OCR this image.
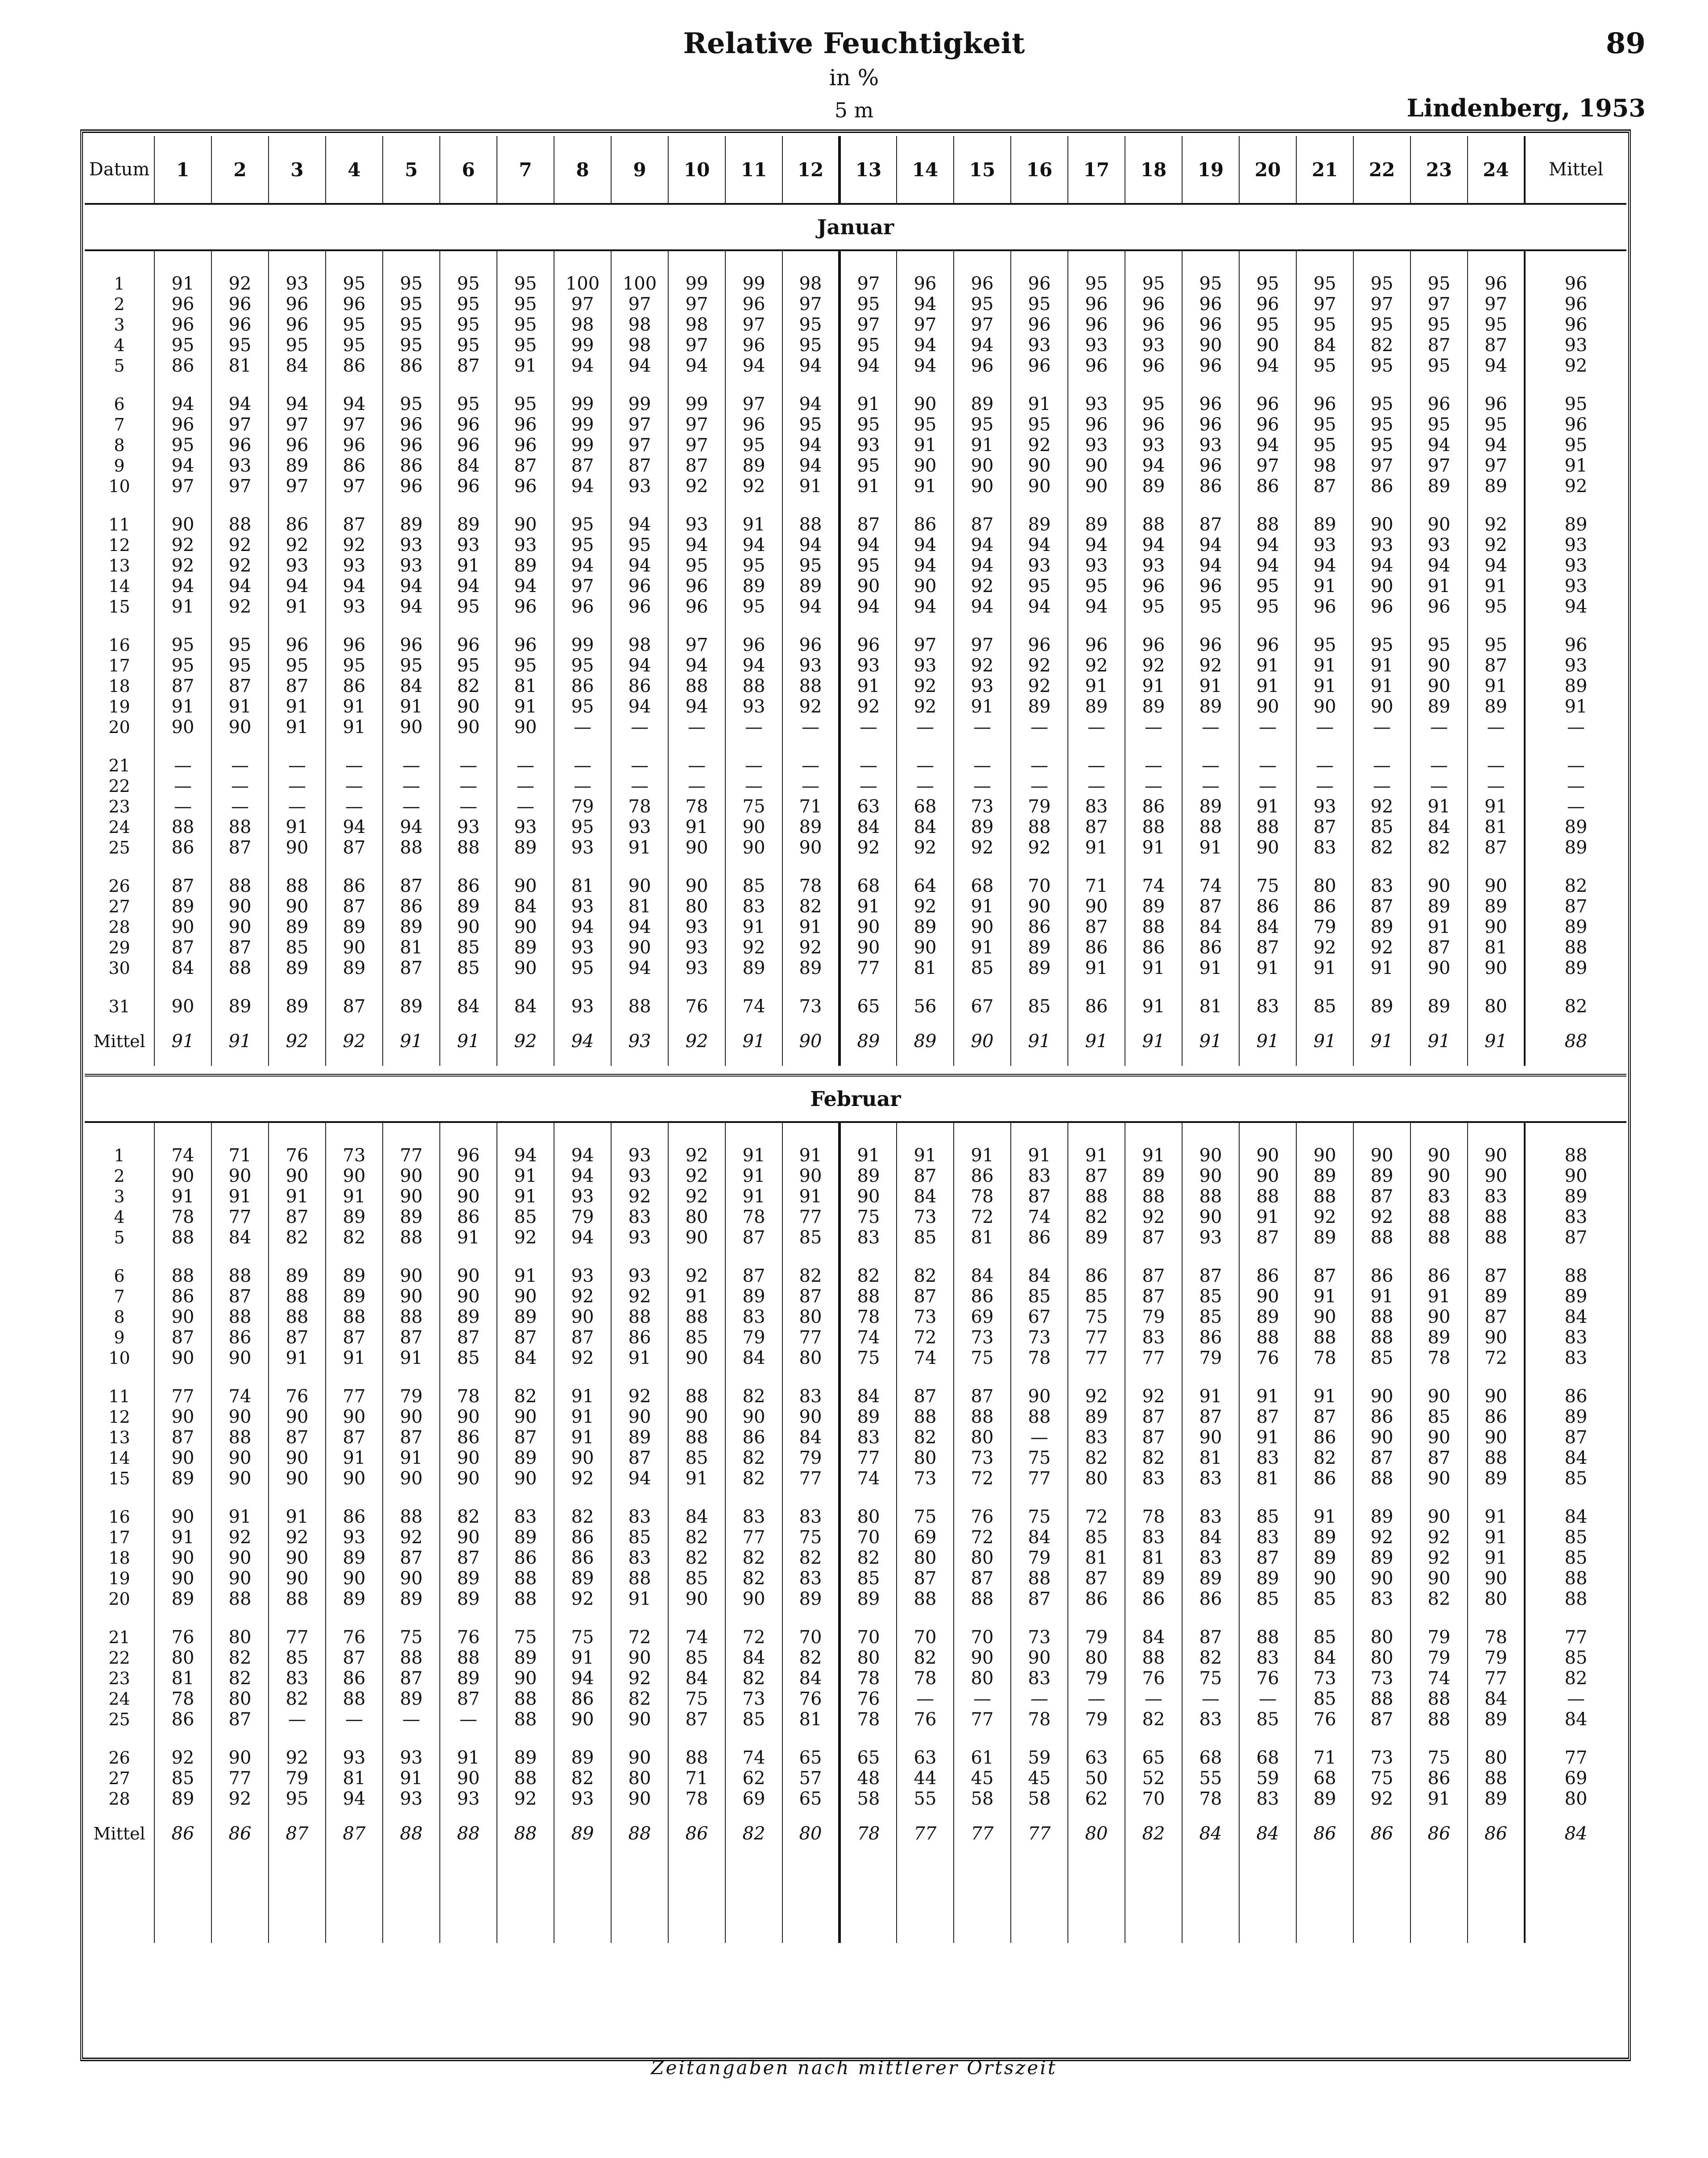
Relative Feuchtigkeit	89
in %
5 m	Lindenberg, 1953
Datum	1	2	3	4	5	6	7	8	9	10	11	12	13	14	15	16	17	18	19	20	21	22	23	24	Mittel
Januar																									

1	91	92	93	95	95	95	95	100	100	99	99	98	97	96	96	96	95	95	95	95	95	95	95	96	96
2	96	96	96	96	95	95	95	97	97	97	96	97	95	94	95	95	96	96	96	96	97	97	97	97	96
3	96	96	96	95	95	95	95	98	98	98	97	95	97	97	97	96	96	96	96	95	95	95	95	95	96
4	95	95	95	95	95	95	95	99	98	97	96	95	95	94	94	93	93	93	90	90	84	82	87	87	93
5	86	81	84	86	86	87	91	94	94	94	94	94	94	94	96	96	96	96	96	94	95	95	95	94	92

6	94	94	94	94	95	95	95	99	99	99	97	94	91	90	89	91	93	95	96	96	96	95	96	96	95
7	96	97	97	97	96	96	96	99	97	97	96	95	95	95	95	95	96	96	96	96	95	95	95	95	96
8	95	96	96	96	96	96	96	99	97	97	95	94	93	91	91	92	93	93	93	94	95	95	94	94	95
9	94	93	89	86	86	84	87	87	87	87	89	94	95	90	90	90	90	94	96	97	98	97	97	97	91
10	97	97	97	97	96	96	96	94	93	92	92	91	91	91	90	90	90	89	86	86	87	86	89	89	92

11	90	88	86	87	89	89	90	95	94	93	91	88	87	86	87	89	89	88	87	88	89	90	90	92	89
12	92	92	92	92	93	93	93	95	95	94	94	94	94	94	94	94	94	94	94	94	93	93	93	92	93
13	92	92	93	93	93	91	89	94	94	95	95	95	95	94	94	93	93	93	94	94	94	94	94	94	93
14	94	94	94	94	94	94	94	97	96	96	89	89	90	90	92	95	95	96	96	95	91	90	91	91	93
15	91	92	91	93	94	95	96	96	96	96	95	94	94	94	94	94	94	95	95	95	96	96	96	95	94

16	95	95	96	96	96	96	96	99	98	97	96	96	96	97	97	96	96	96	96	96	95	95	95	95	96
17	95	95	95	95	95	95	95	95	94	94	94	93	93	93	92	92	92	92	92	91	91	91	90	87	93
18	87	87	87	86	84	82	81	86	86	88	88	88	91	92	93	92	91	91	91	91	91	91	90	91	89
19	91	91	91	91	91	90	91	95	94	94	93	92	92	92	91	89	89	89	89	90	90	90	89	89	91
20	90	90	91	91	90	90	90	—	—	—	—	—	—	—	—	—	—	—	—	—	—	—	—	—	—

21	—	—	—	—	—	—	—	—	—	—	—	—	—	—	—	—	—	—	—	—	—	—	—	—	—
22	—	—	—	—	—	—	—	—	—	—	—	—	—	—	—	—	—	—	—	—	—	—	—	—	—
23	—	—	—	—	—	—	—	79	78	78	75	71	63	68	73	79	83	86	89	91	93	92	91	91	—
24	88	88	91	94	94	93	93	95	93	91	90	89	84	84	89	88	87	88	88	88	87	85	84	81	89
25	86	87	90	87	88	88	89	93	91	90	90	90	92	92	92	92	91	91	91	90	83	82	82	87	89

26	87	88	88	86	87	86	90	81	90	90	85	78	68	64	68	70	71	74	74	75	80	83	90	90	82
27	89	90	90	87	86	89	84	93	81	80	83	82	91	92	91	90	90	89	87	86	86	87	89	89	87
28	90	90	89	89	89	90	90	94	94	93	91	91	90	89	90	86	87	88	84	84	79	89	91	90	89
29	87	87	85	90	81	85	89	93	90	93	92	92	90	90	91	89	86	86	86	87	92	92	87	81	88
30	84	88	89	89	87	85	90	95	94	93	89	89	77	81	85	89	91	91	91	91	91	91	90	90	89

31	90	89	89	87	89	84	84	93	88	76	74	73	65	56	67	85	86	91	81	83	85	89	89	80	82
Mittel	91	91	92	92	91	91	92	94	93	92	91	90	89	89	90	91	91	91	91	91	91	91	91	91	88

Februar																									

1	74	71	76	73	77	96	94	94	93	92	91	91	91	91	91	91	91	91	90	90	90	90	90	90	88
2	90	90	90	90	90	90	91	94	93	92	91	90	89	87	86	83	87	89	90	90	89	89	90	90	90
3	91	91	91	91	90	90	91	93	92	92	91	91	90	84	78	87	88	88	88	88	88	87	83	83	89
4	78	77	87	89	89	86	85	79	83	80	78	77	75	73	72	74	82	92	90	91	92	92	88	88	83
5	88	84	82	82	88	91	92	94	93	90	87	85	83	85	81	86	89	87	93	87	89	88	88	88	87

6	88	88	89	89	90	90	91	93	93	92	87	82	82	82	84	84	86	87	87	86	87	86	86	87	88
7	86	87	88	89	90	90	90	92	92	91	89	87	88	87	86	85	85	87	85	90	91	91	91	89	89
8	90	88	88	88	88	89	89	90	88	88	83	80	78	73	69	67	75	79	85	89	90	88	90	87	84
9	87	86	87	87	87	87	87	87	86	85	79	77	74	72	73	73	77	83	86	88	88	88	89	90	83
10	90	90	91	91	91	85	84	92	91	90	84	80	75	74	75	78	77	77	79	76	78	85	78	72	83

11	77	74	76	77	79	78	82	91	92	88	82	83	84	87	87	90	92	92	91	91	91	90	90	90	86
12	90	90	90	90	90	90	90	91	90	90	90	90	89	88	88	88	89	87	87	87	87	86	85	86	89
13	87	88	87	87	87	86	87	91	89	88	86	84	83	82	80	—	83	87	90	91	86	90	90	90	87
14	90	90	90	91	91	90	89	90	87	85	82	79	77	80	73	75	82	82	81	83	82	87	87	88	84
15	89	90	90	90	90	90	90	92	94	91	82	77	74	73	72	77	80	83	83	81	86	88	90	89	85

16	90	91	91	86	88	82	83	82	83	84	83	83	80	75	76	75	72	78	83	85	91	89	90	91	84
17	91	92	92	93	92	90	89	86	85	82	77	75	70	69	72	84	85	83	84	83	89	92	92	91	85
18	90	90	90	89	87	87	86	86	83	82	82	82	82	80	80	79	81	81	83	87	89	89	92	91	85
19	90	90	90	90	90	89	88	89	88	85	82	83	85	87	87	88	87	89	89	89	90	90	90	90	88
20	89	88	88	89	89	89	88	92	91	90	90	89	89	88	88	87	86	86	86	85	85	83	82	80	88

21	76	80	77	76	75	76	75	75	72	74	72	70	70	70	70	73	79	84	87	88	85	80	79	78	77
22	80	82	85	87	88	88	89	91	90	85	84	82	80	82	90	90	80	88	82	83	84	80	79	79	85
23	81	82	83	86	87	89	90	94	92	84	82	84	78	78	80	83	79	76	75	76	73	73	74	77	82
24	78	80	82	88	89	87	88	86	82	75	73	76	76	—	—	—	—	—	—	—	85	88	88	84	—
25	86	87	—	—	—	—	88	90	90	87	85	81	78	76	77	78	79	82	83	85	76	87	88	89	84

26	92	90	92	93	93	91	89	89	90	88	74	65	65	63	61	59	63	65	68	68	71	73	75	80	77
27	85	77	79	81	91	90	88	82	80	71	62	57	48	44	45	45	50	52	55	59	68	75	86	88	69
28	89	92	95	94	93	93	92	93	90	78	69	65	58	55	58	58	62	70	78	83	89	92	91	89	80
Mittel	86	86	87	87	88	88	88	89	88	86	82	80	78	77	77	77	80	82	84	84	86	86	86	86	84

Zeitangaben nach mittlerer Ortszeit
